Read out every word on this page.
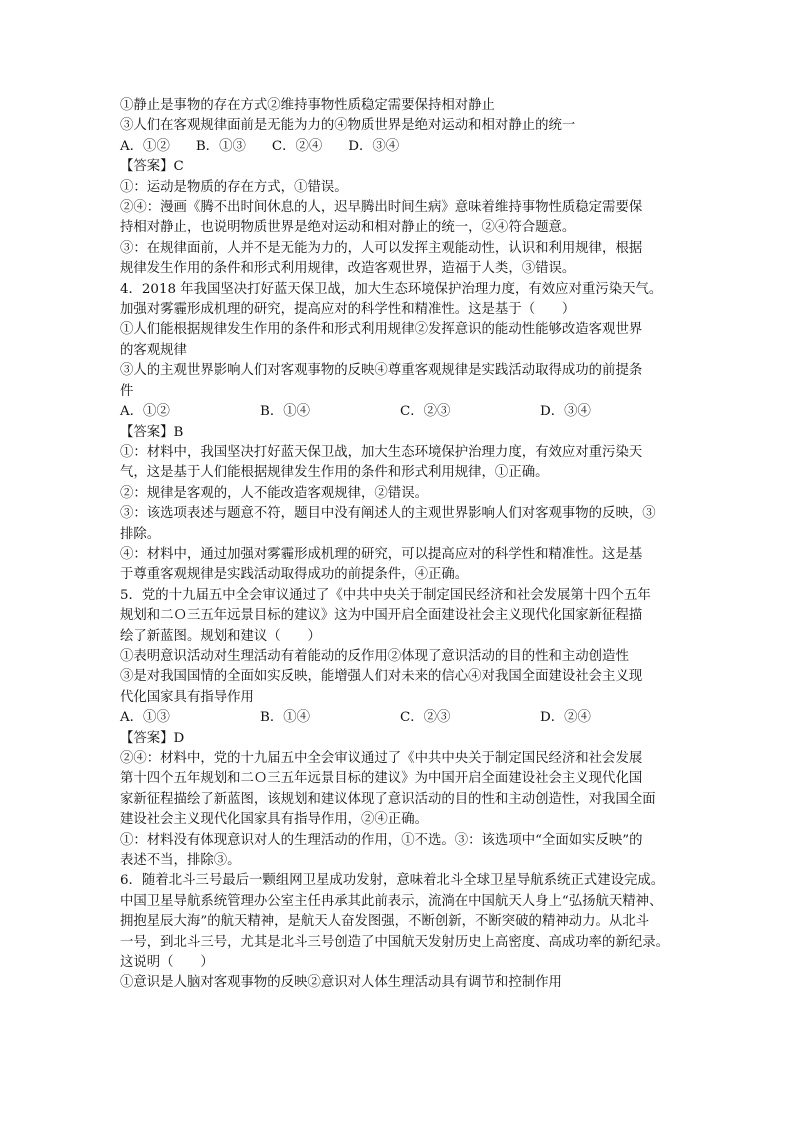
①静止是事物的存在方式②维持事物性质稳定需要保持相对静止
③人们在客观规律面前是无能为力的④物质世界是绝对运动和相对静止的统一
A．①② B．①③ C．②④ D．③④
【答案】C
①：运动是物质的存在方式，①错误。
②④：漫画《腾不出时间休息的人，迟早腾出时间生病》意味着维持事物性质稳定需要保
持相对静止，也说明物质世界是绝对运动和相对静止的统一，②④符合题意。
③：在规律面前，人并不是无能为力的，人可以发挥主观能动性，认识和利用规律，根据
规律发生作用的条件和形式利用规律，改造客观世界，造福于人类，③错误。
4．2018 年我国坚决打好蓝天保卫战，加大生态环境保护治理力度，有效应对重污染天气。
加强对雾霾形成机理的研究，提高应对的科学性和精准性。这是基于（　　）
①人们能根据规律发生作用的条件和形式利用规律②发挥意识的能动性能够改造客观世界
的客观规律
③人的主观世界影响人们对客观事物的反映④尊重客观规律是实践活动取得成功的前提条
件
A．①②	B．①④	C．②③	D．③④
【答案】B
①：材料中，我国坚决打好蓝天保卫战，加大生态环境保护治理力度，有效应对重污染天
气，这是基于人们能根据规律发生作用的条件和形式利用规律，①正确。
②：规律是客观的，人不能改造客观规律，②错误。
③：该选项表述与题意不符，题目中没有阐述人的主观世界影响人们对客观事物的反映，③
排除。
④：材料中，通过加强对雾霾形成机理的研究，可以提高应对的科学性和精准性。这是基
于尊重客观规律是实践活动取得成功的前提条件，④正确。
5．党的十九届五中全会审议通过了《中共中央关于制定国民经济和社会发展第十四个五年
规划和二Ｏ三五年远景目标的建议》这为中国开启全面建设社会主义现代化国家新征程描
绘了新蓝图。规划和建议（　　）
①表明意识活动对生理活动有着能动的反作用②体现了意识活动的目的性和主动创造性
③是对我国国情的全面如实反映，能增强人们对未来的信心④对我国全面建设社会主义现
代化国家具有指导作用
A．①③	B．①④	C．②③	D．②④
【答案】D
②④：材料中，党的十九届五中全会审议通过了《中共中央关于制定国民经济和社会发展
第十四个五年规划和二Ｏ三五年远景目标的建议》为中国开启全面建设社会主义现代化国
家新征程描绘了新蓝图，该规划和建议体现了意识活动的目的性和主动创造性，对我国全面
建设社会主义现代化国家具有指导作用，②④正确。
①：材料没有体现意识对人的生理活动的作用，①不选。③：该选项中“全面如实反映”的
表述不当，排除③。
6．随着北斗三号最后一颗组网卫星成功发射，意味着北斗全球卫星导航系统正式建设完成。
中国卫星导航系统管理办公室主任冉承其此前表示，流淌在中国航天人身上“弘扬航天精神、
拥抱星辰大海”的航天精神，是航天人奋发图强，不断创新，不断突破的精神动力。从北斗
一号，到北斗三号，尤其是北斗三号创造了中国航天发射历史上高密度、高成功率的新纪录。
这说明（　　）
①意识是人脑对客观事物的反映②意识对人体生理活动具有调节和控制作用
